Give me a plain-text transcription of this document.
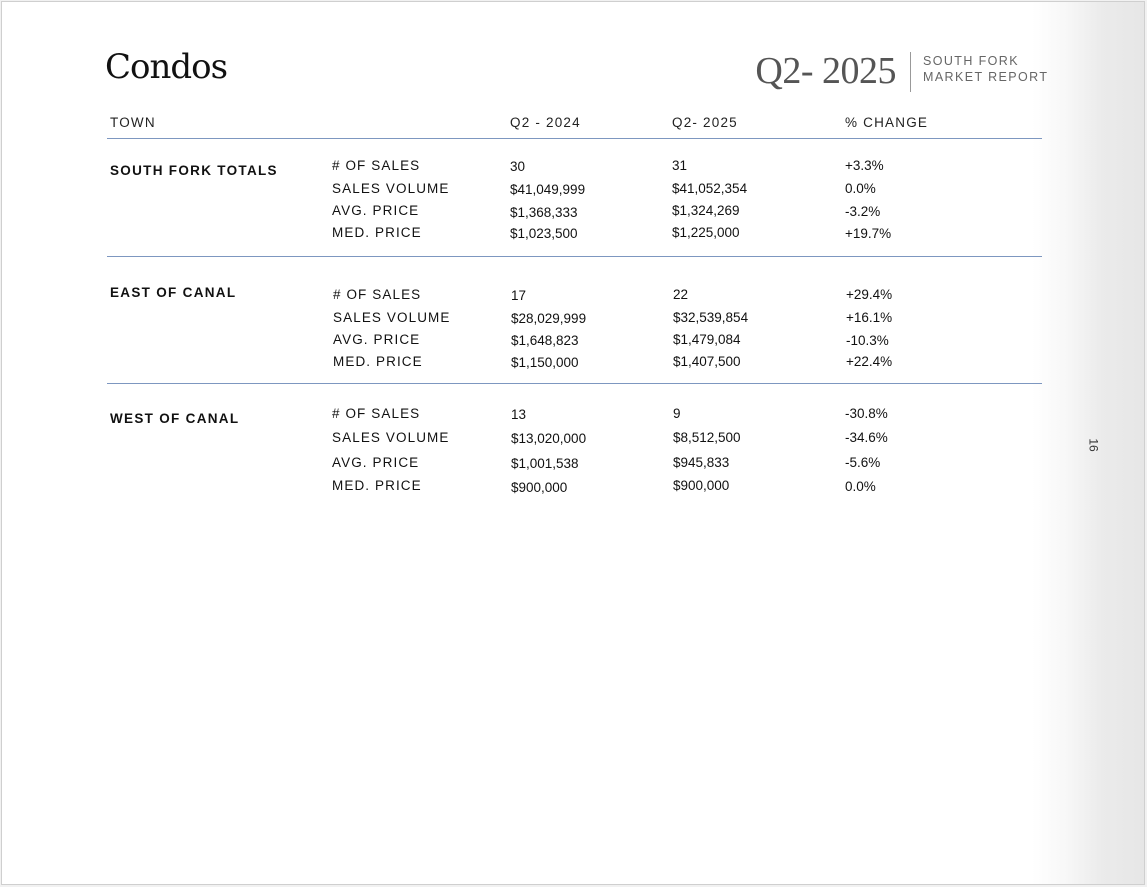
Condos	Q2- 2025 SOUTH FORK
MARKET REPORT
TOWN	Q2 - 2024	Q2- 2025	% CHANGE
SOUTH FORK TOTALS	# OF SALES	30	31	+3.3%
SALES VOLUME	$41,049,999	$41,052,354	0.0%
AVG. PRICE	$1,368,333	$1,324,269	-3.2%
MED. PRICE	$1,023,500	$1,225,000	+19.7%
EAST OF CANAL	# OF SALES	17	22	+29.4%
SALES VOLUME	$28,029,999	$32,539,854	+16.1%
AVG. PRICE	$1,648,823	$1,479,084	-10.3%
MED. PRICE	$1,150,000	$1,407,500	+22.4%
WEST OF CANAL	# OF SALES	13	9	-30.8%
SALES VOLUME	$13,020,000	$8,512,500	-34.6%
AVG. PRICE	$1,001,538	$945,833	-5.6%
MED. PRICE	$900,000	$900,000	0.0%
16
